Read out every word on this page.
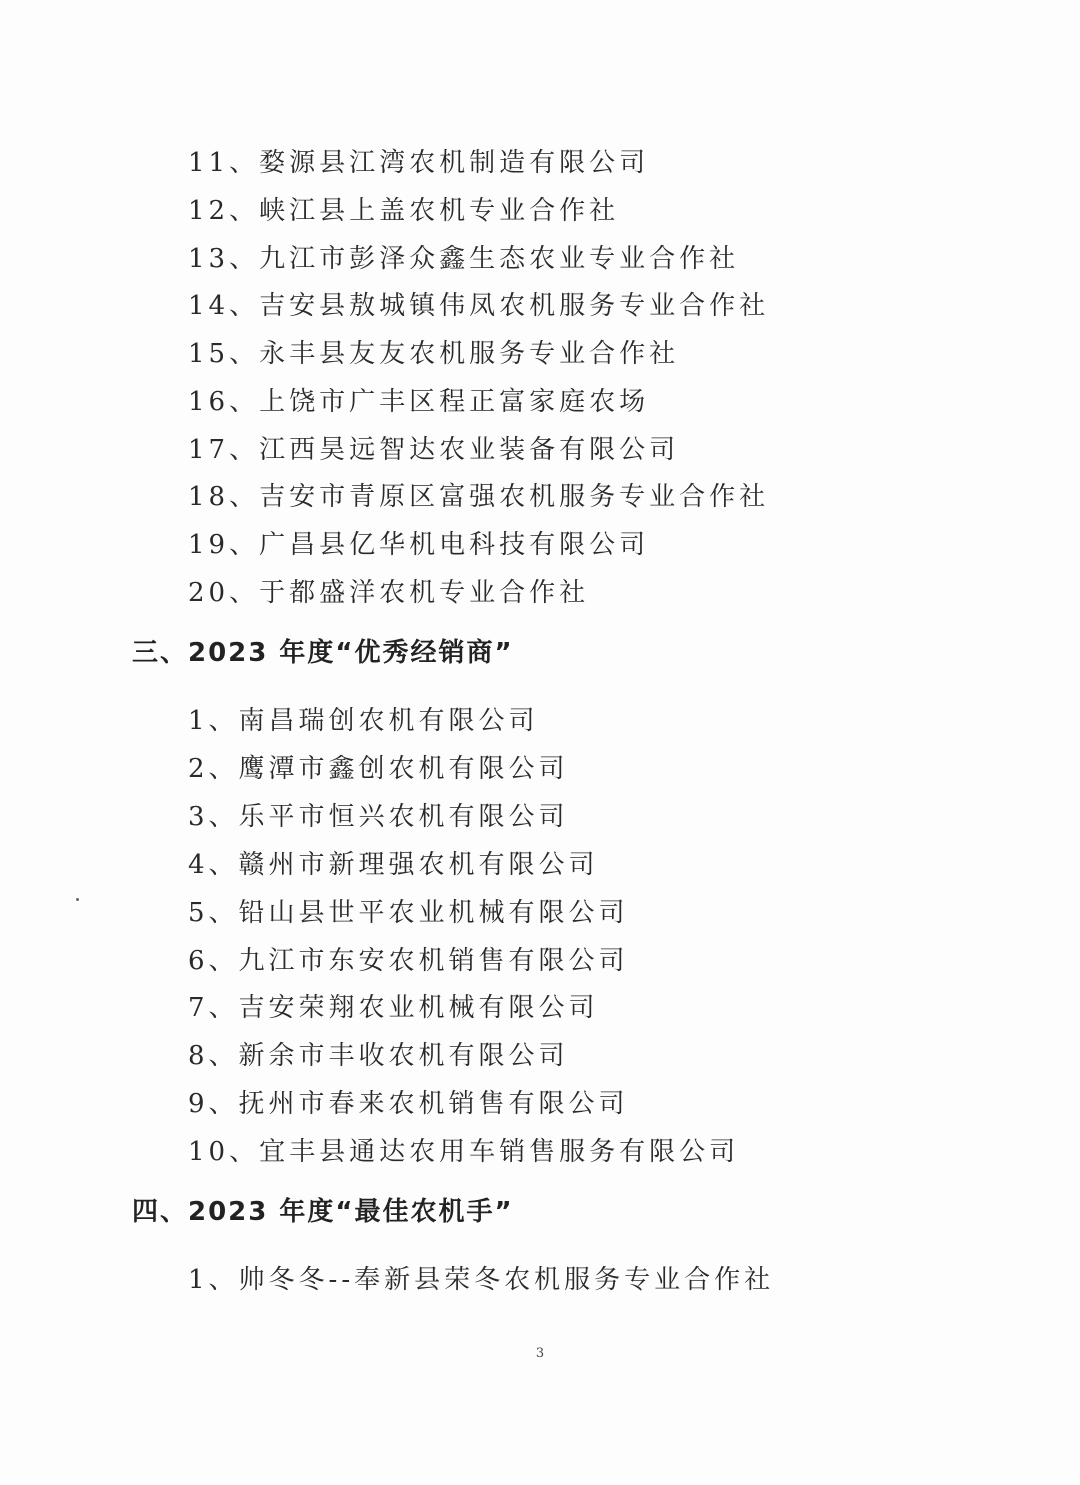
11、婺源县江湾农机制造有限公司
12、峡江县上盖农机专业合作社
13、九江市彭泽众鑫生态农业专业合作社
14、吉安县敖城镇伟凤农机服务专业合作社
15、永丰县友友农机服务专业合作社
16、上饶市广丰区程正富家庭农场
17、江西昊远智达农业装备有限公司
18、吉安市青原区富强农机服务专业合作社
19、广昌县亿华机电科技有限公司
20、于都盛洋农机专业合作社
三、2023 年度“优秀经销商”
1、南昌瑞创农机有限公司
2、鹰潭市鑫创农机有限公司
3、乐平市恒兴农机有限公司
4、赣州市新理强农机有限公司
5、铅山县世平农业机械有限公司
6、九江市东安农机销售有限公司
7、吉安荣翔农业机械有限公司
8、新余市丰收农机有限公司
9、抚州市春来农机销售有限公司
10、宜丰县通达农用车销售服务有限公司
四、2023 年度“最佳农机手”
1、帅冬冬--奉新县荣冬农机服务专业合作社
3
